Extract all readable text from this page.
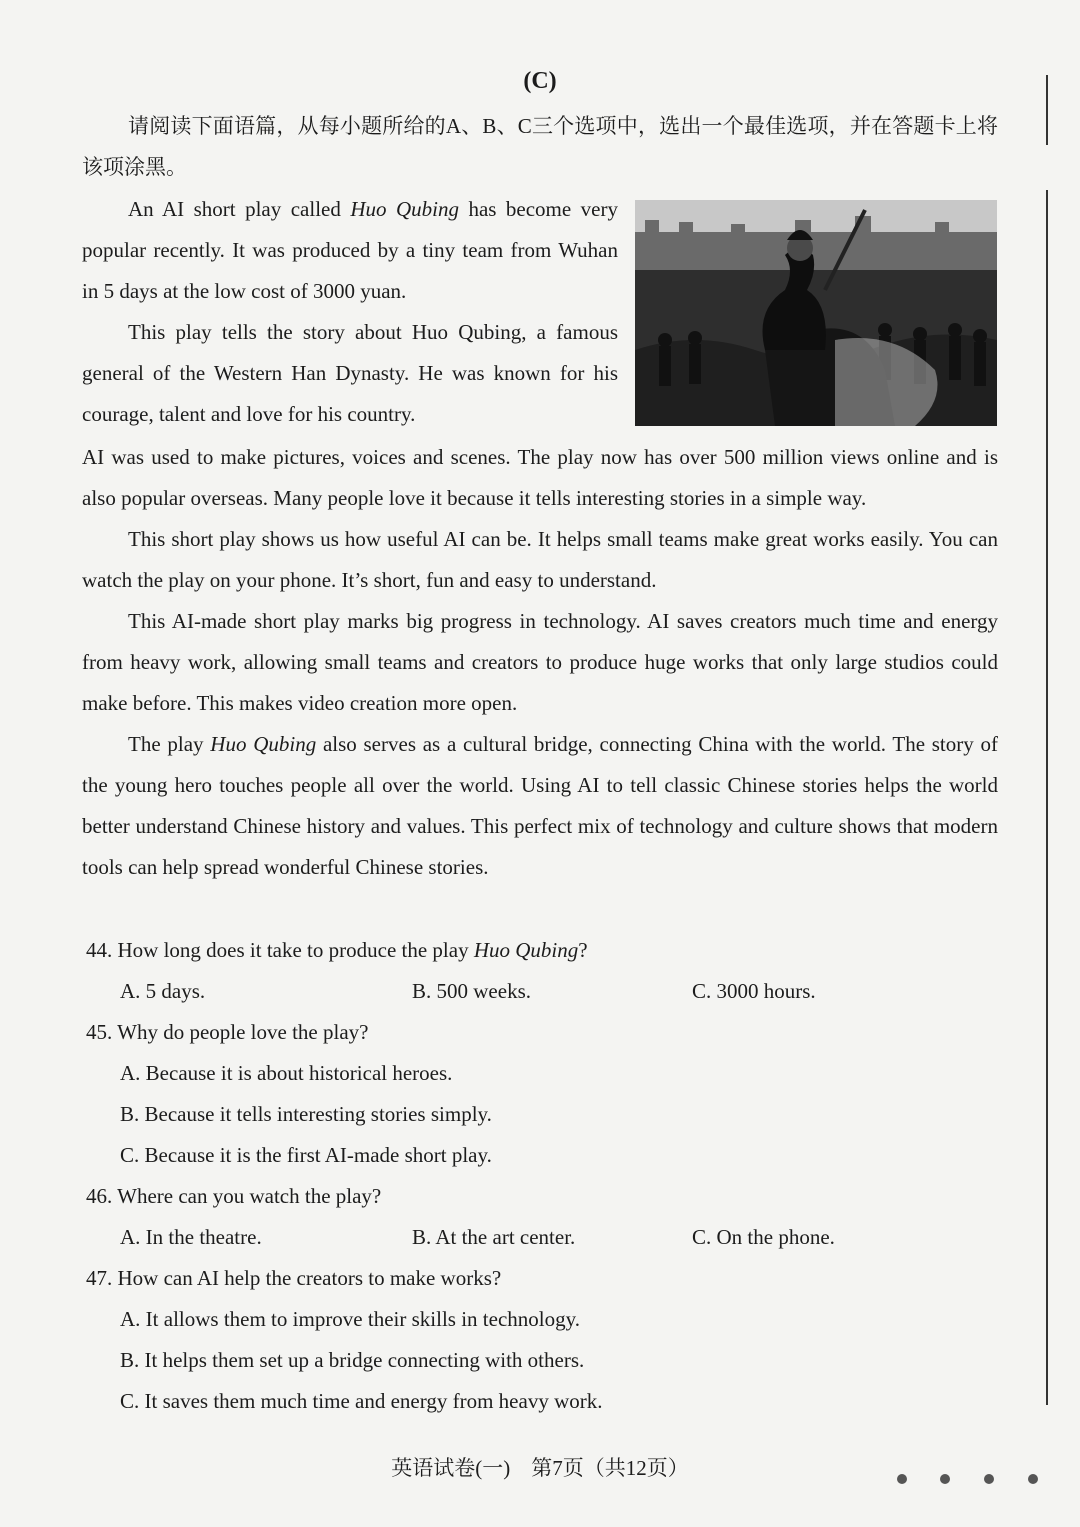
(C)

请阅读下面语篇，从每小题所给的A、B、C三个选项中，选出一个最佳选项，并在答题卡上将该项涂黑。

An AI short play called Huo Qubing has become very popular recently. It was produced by a tiny team from Wuhan in 5 days at the low cost of 3000 yuan.

This play tells the story about Huo Qubing, a famous general of the Western Han Dynasty. He was known for his courage, talent and love for his country.

AI was used to make pictures, voices and scenes. The play now has over 500 million views online and is also popular overseas. Many people love it because it tells interesting stories in a simple way.

This short play shows us how useful AI can be. It helps small teams make great works easily. You can watch the play on your phone. It’s short, fun and easy to understand.

This AI-made short play marks big progress in technology. AI saves creators much time and energy from heavy work, allowing small teams and creators to produce huge works that only large studios could make before. This makes video creation more open.

The play Huo Qubing also serves as a cultural bridge, connecting China with the world. The story of the young hero touches people all over the world. Using AI to tell classic Chinese stories helps the world better understand Chinese history and values. This perfect mix of technology and culture shows that modern tools can help spread wonderful Chinese stories.

44. How long does it take to produce the play Huo Qubing?
A. 5 days.	B. 500 weeks.	C. 3000 hours.
45. Why do people love the play?
A. Because it is about historical heroes.
B. Because it tells interesting stories simply.
C. Because it is the first AI-made short play.
46. Where can you watch the play?
A. In the theatre.	B. At the art center.	C. On the phone.
47. How can AI help the creators to make works?
A. It allows them to improve their skills in technology.
B. It helps them set up a bridge connecting with others.
C. It saves them much time and energy from heavy work.
英语试卷(一)　第7页（共12页）
